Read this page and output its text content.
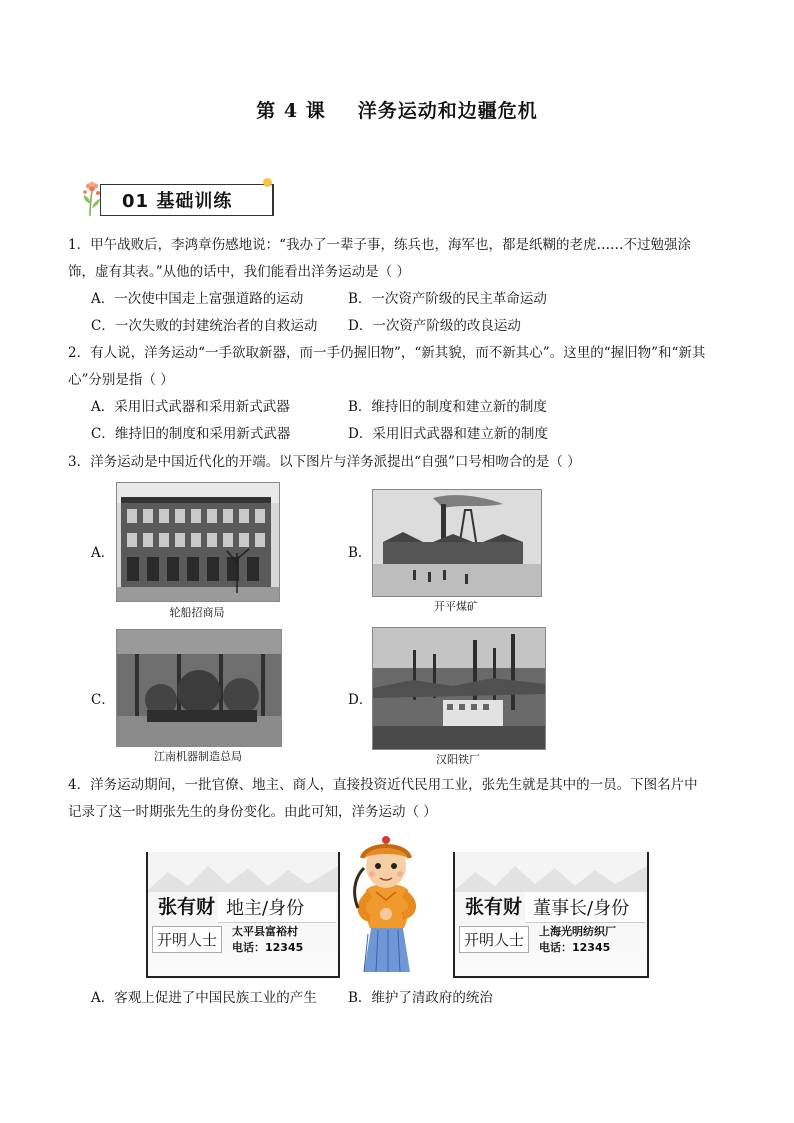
第 4 课 洋务运动和边疆危机
01 基础训练
1．甲午战败后，李鸿章伤感地说：“我办了一辈子事，练兵也，海军也，都是纸糊的老虎……不过勉强涂
饰，虚有其表。”从他的话中，我们能看出洋务运动是（ ）
A．一次使中国走上富强道路的运动	B．一次资产阶级的民主革命运动
C．一次失败的封建统治者的自救运动 D．一次资产阶级的改良运动
2．有人说，洋务运动“一手欲取新器，而一手仍握旧物”，“新其貌，而不新其心”。这里的“握旧物”和“新其
心”分别是指（ ）
A．采用旧式武器和采用新式武器	B．维持旧的制度和建立新的制度
C．维持旧的制度和采用新式武器	D．采用旧式武器和建立新的制度
3．洋务运动是中国近代化的开端。以下图片与洋务派提出“自强”口号相吻合的是（ ）
A．
轮船招商局
B．
开平煤矿
C．
江南机器制造总局
D．
汉阳铁厂
4．洋务运动期间，一批官僚、地主、商人，直接投资近代民用工业，张先生就是其中的一员。下图名片中
记录了这一时期张先生的身份变化。由此可知，洋务运动（ ）
张有财 地主/身份
开明人士	太平县富裕村
电话：12345
张有财 董事长/身份
开明人士	上海光明纺织厂
电话：12345
A．客观上促进了中国民族工业的产生 B．维护了清政府的统治
